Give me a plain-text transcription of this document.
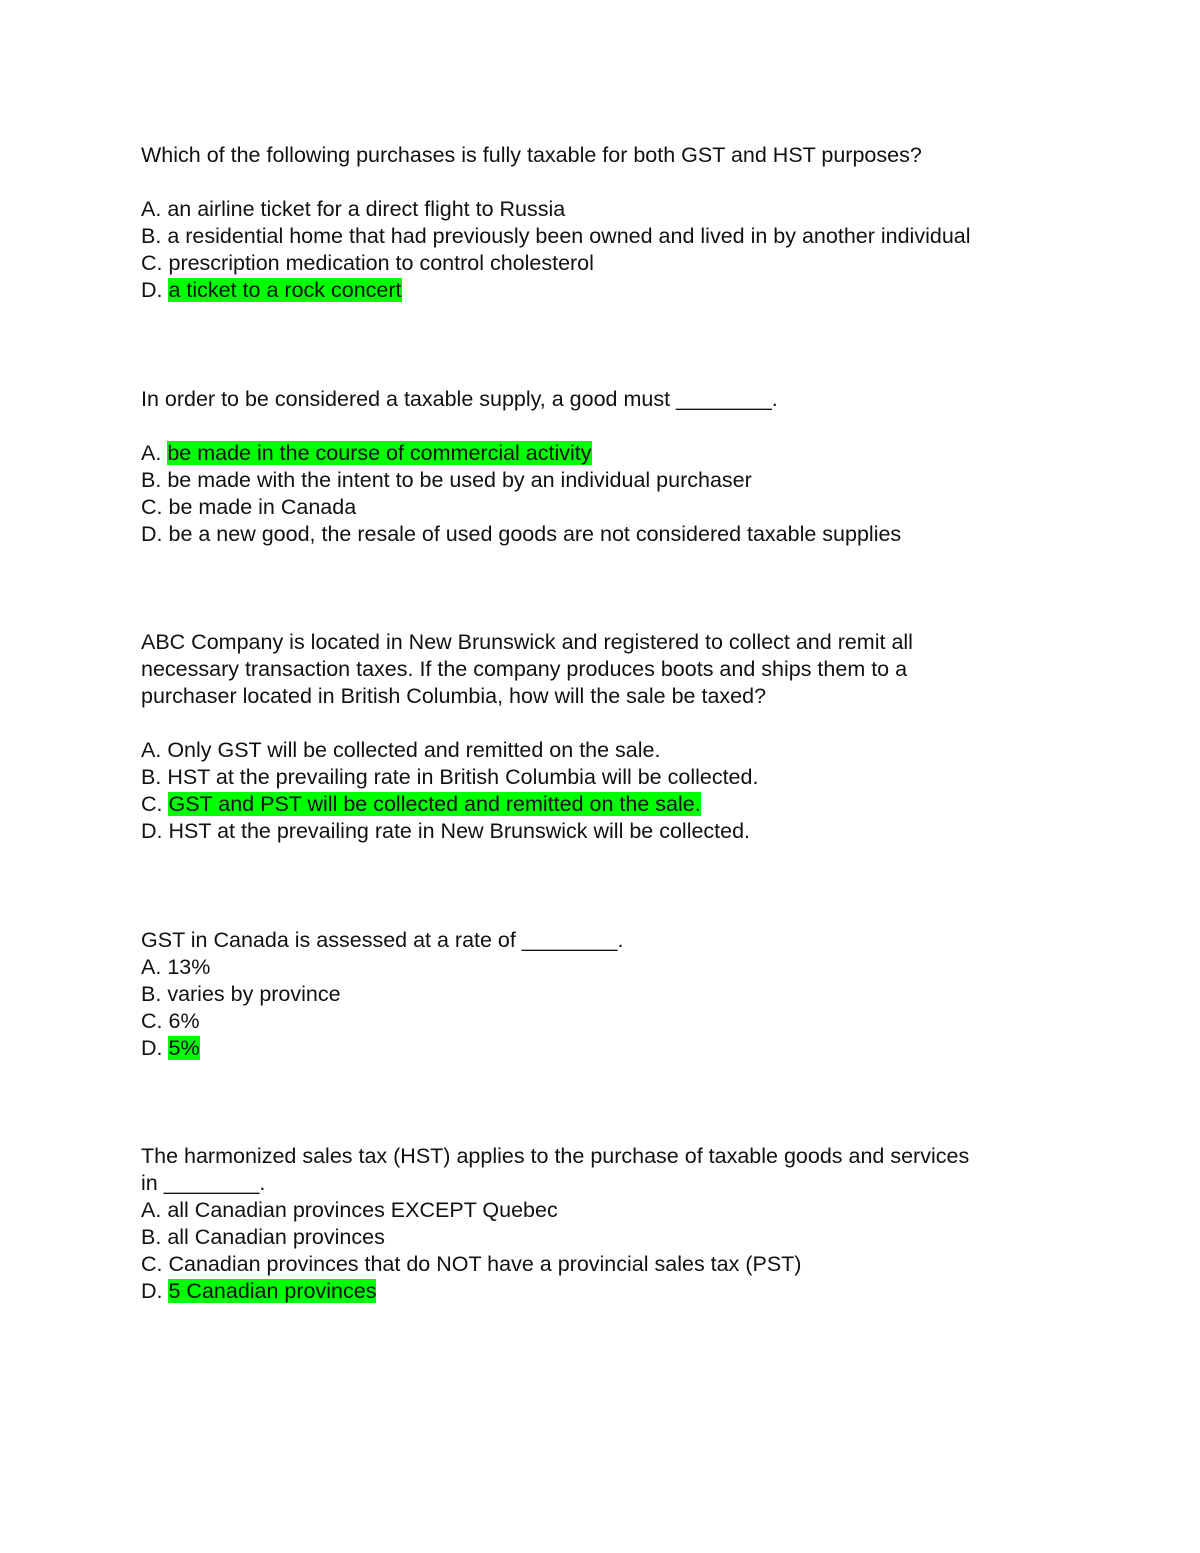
Which of the following purchases is fully taxable for both GST and HST purposes?

A. an airline ticket for a direct flight to Russia

B. a residential home that had previously been owned and lived in by another individual

C. prescription medication to control cholesterol

D. a ticket to a rock concert

In order to be considered a taxable supply, a good must ________.

A. be made in the course of commercial activity

B. be made with the intent to be used by an individual purchaser

C. be made in Canada

D. be a new good, the resale of used goods are not considered taxable supplies

ABC Company is located in New Brunswick and registered to collect and remit all

necessary transaction taxes. If the company produces boots and ships them to a

purchaser located in British Columbia, how will the sale be taxed?

A. Only GST will be collected and remitted on the sale.

B. HST at the prevailing rate in British Columbia will be collected.

C. GST and PST will be collected and remitted on the sale.

D. HST at the prevailing rate in New Brunswick will be collected.

GST in Canada is assessed at a rate of ________.

A. 13%

B. varies by province

C. 6%

D. 5%

The harmonized sales tax (HST) applies to the purchase of taxable goods and services

in ________.

A. all Canadian provinces EXCEPT Quebec

B. all Canadian provinces

C. Canadian provinces that do NOT have a provincial sales tax (PST)

D. 5 Canadian provinces
